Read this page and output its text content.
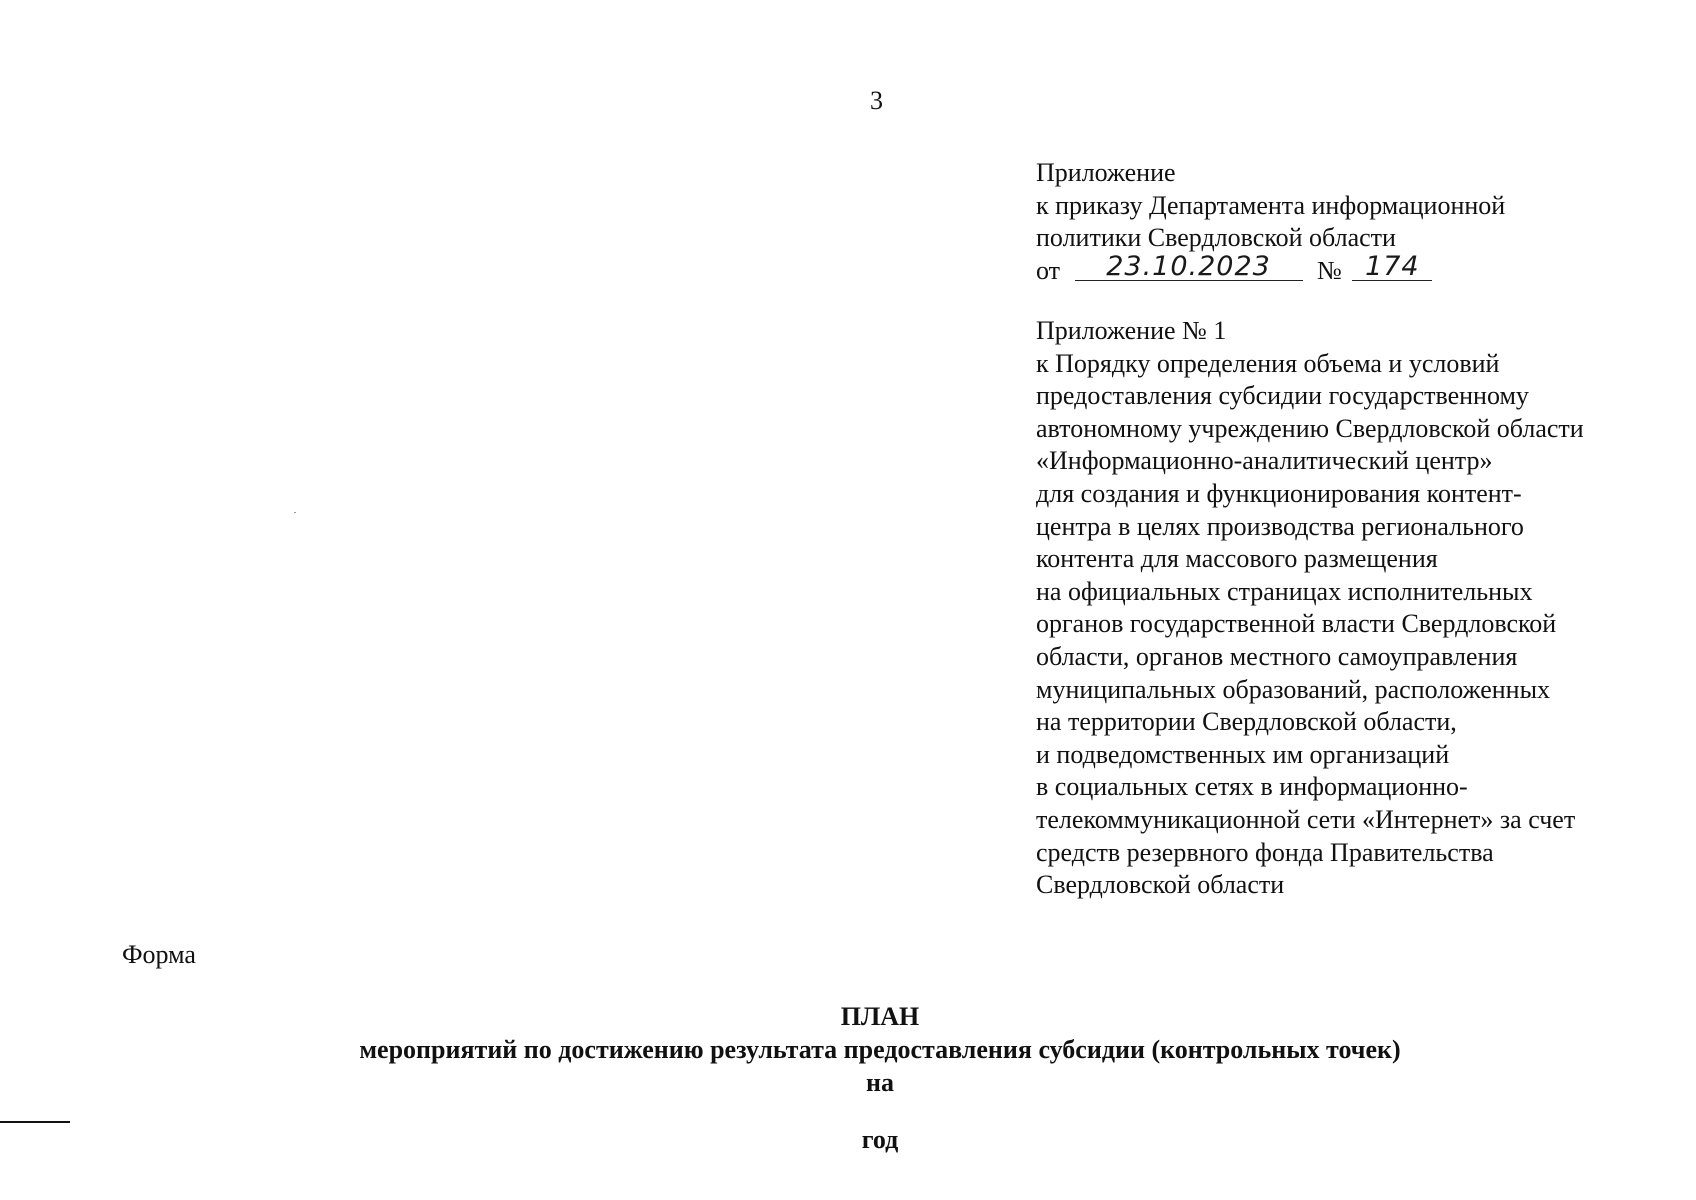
3
Приложение
к приказу Департамента информационной
политики Свердловской области
от 23.10.2023 № 174
Приложение № 1
к Порядку определения объема и условий
предоставления субсидии государственному
автономному учреждению Свердловской области
«Информационно-аналитический центр»
для создания и функционирования контент-
центра в целях производства регионального
контента для массового размещения
на официальных страницах исполнительных
органов государственной власти Свердловской
области, органов местного самоуправления
муниципальных образований, расположенных
на территории Свердловской области,
и подведомственных им организаций
в социальных сетях в информационно-
телекоммуникационной сети «Интернет» за счет
средств резервного фонда Правительства
Свердловской области
Форма
ПЛАН
мероприятий по достижению результата предоставления субсидии (контрольных точек)
на
год
